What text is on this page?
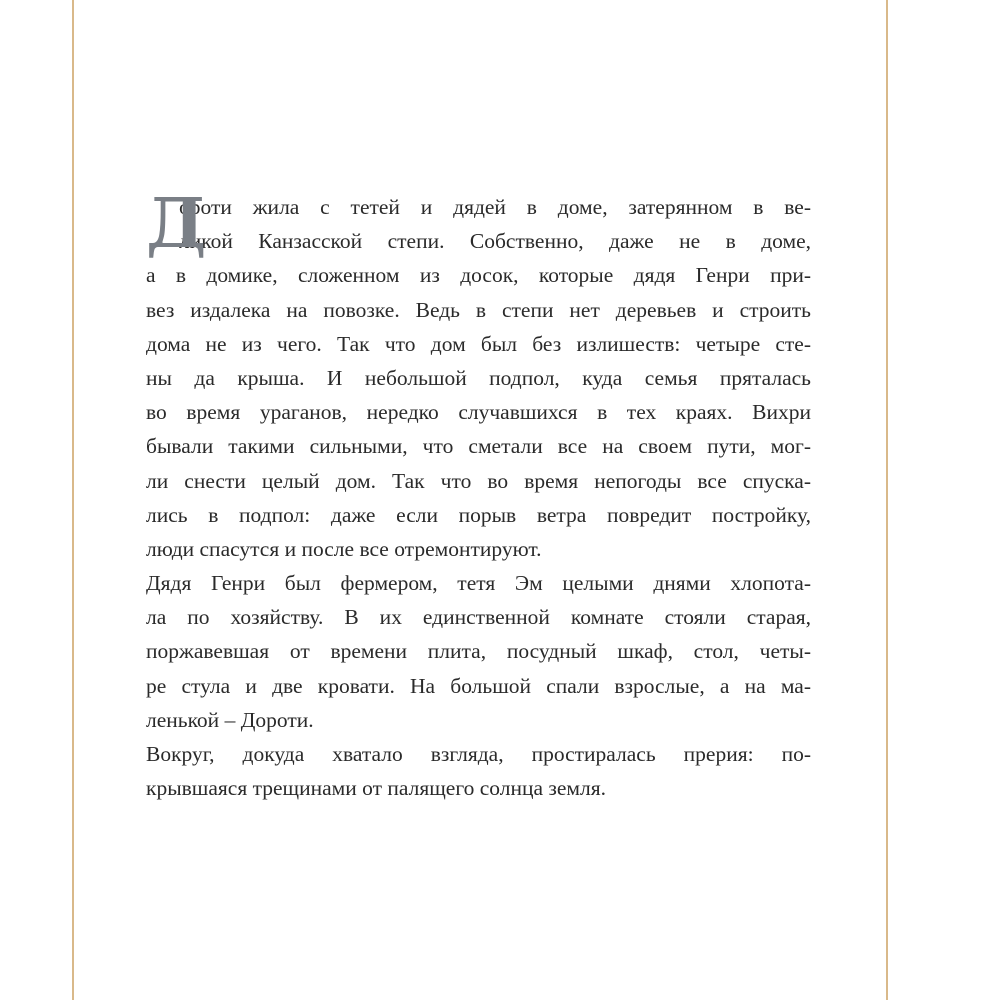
Д
ороти жила с тетей и дядей в доме, затерянном в ве-
ликой Канзасской степи. Собственно, даже не в доме,
а в домике, сложенном из досок, которые дядя Генри при-
вез издалека на повозке. Ведь в степи нет деревьев и строить
дома не из чего. Так что дом был без излишеств: четыре сте-
ны да крыша. И небольшой подпол, куда семья пряталась
во время ураганов, нередко случавшихся в тех краях. Вихри
бывали такими сильными, что сметали все на своем пути, мог-
ли снести целый дом. Так что во время непогоды все спуска-
лись в подпол: даже если порыв ветра повредит постройку,
люди спасутся и после все отремонтируют.
Дядя Генри был фермером, тетя Эм целыми днями хлопота-
ла по хозяйству. В их единственной комнате стояли старая,
поржавевшая от времени плита, посудный шкаф, стол, четы-
ре стула и две кровати. На большой спали взрослые, а на ма-
ленькой – Дороти.
Вокруг, докуда хватало взгляда, простиралась прерия: по-
крывшаяся трещинами от палящего солнца земля.
